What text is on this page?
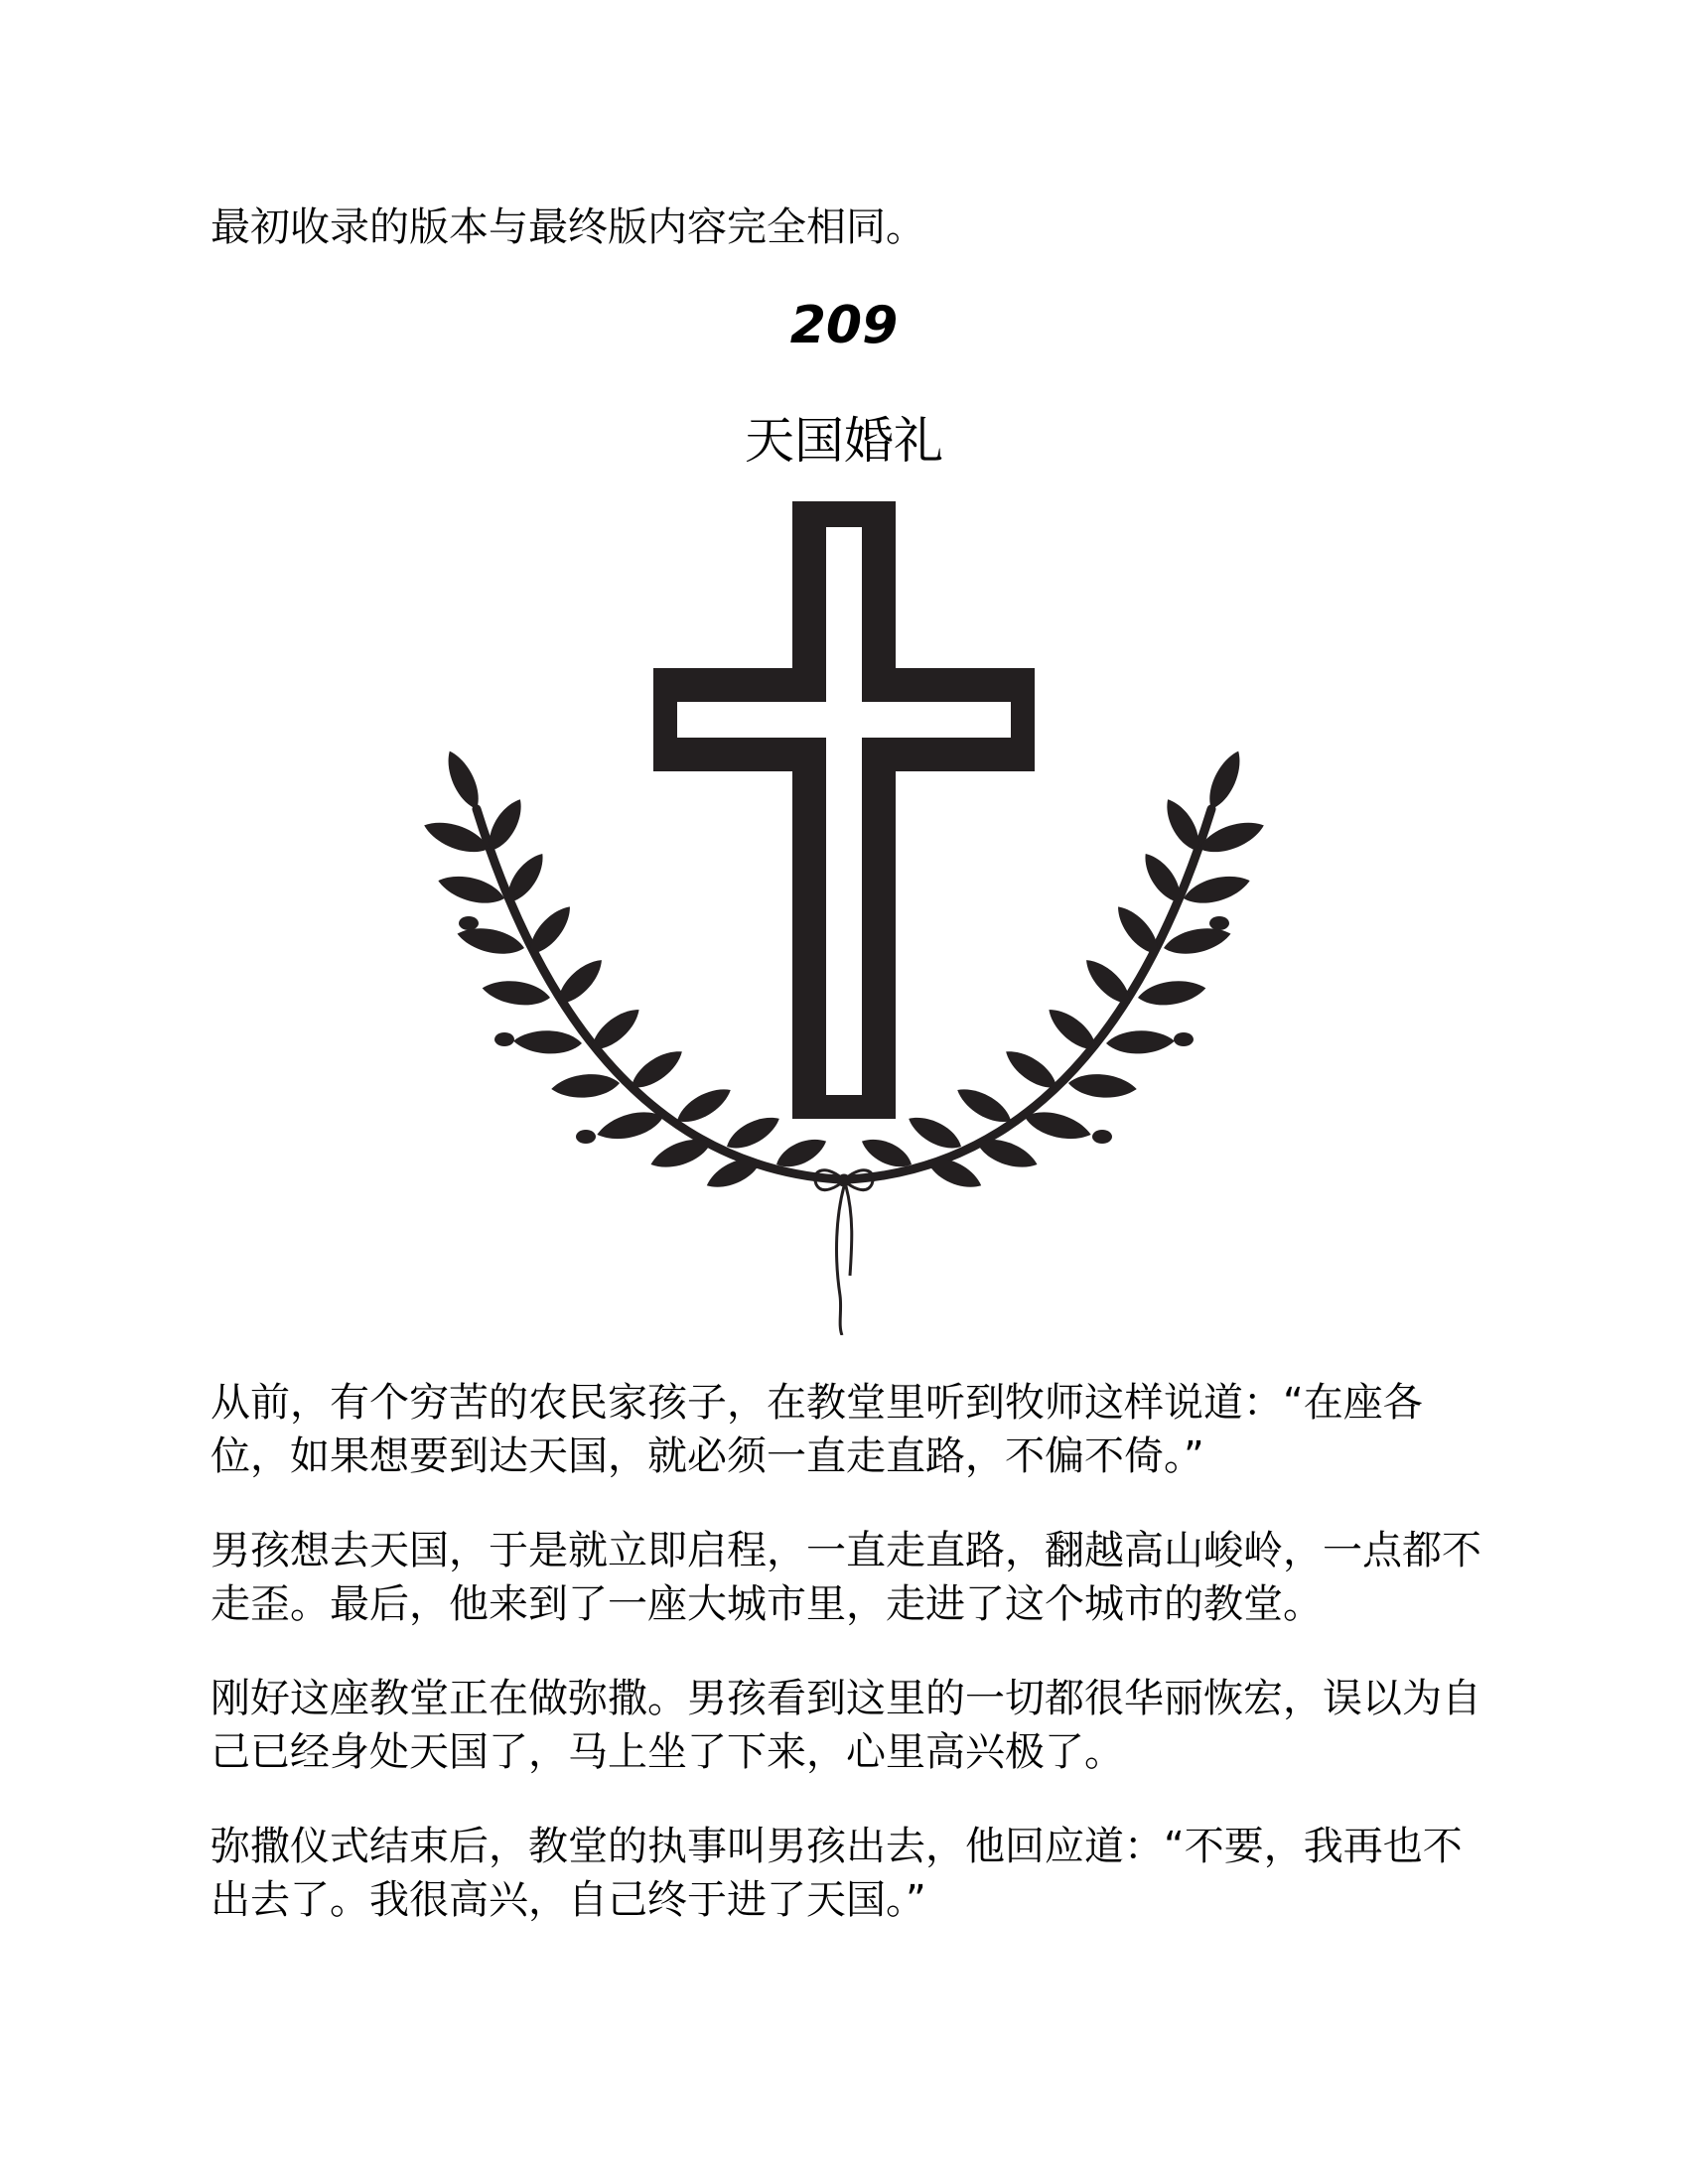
最初收录的版本与最终版内容完全相同。

209
天国婚礼

从前，有个穷苦的农民家孩子，在教堂里听到牧师这样说道：“在座各位，如果想要到达天国，就必须一直走直路，不偏不倚。”

男孩想去天国，于是就立即启程，一直走直路，翻越高山峻岭，一点都不走歪。最后，他来到了一座大城市里，走进了这个城市的教堂。

刚好这座教堂正在做弥撒。男孩看到这里的一切都很华丽恢宏，误以为自己已经身处天国了，马上坐了下来，心里高兴极了。

弥撒仪式结束后，教堂的执事叫男孩出去，他回应道：“不要，我再也不出去了。我很高兴，自己终于进了天国。”
